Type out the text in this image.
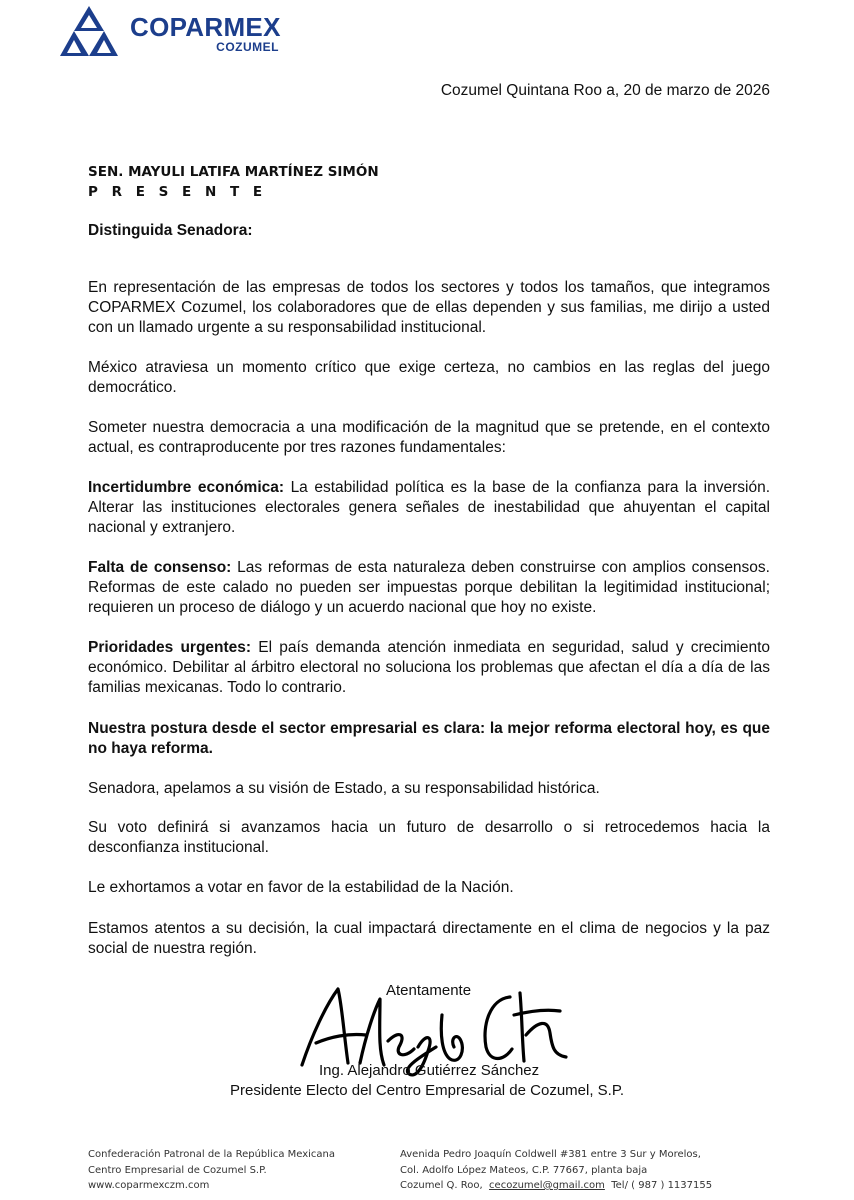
COPARMEX
COZUMEL
Cozumel Quintana Roo a, 20 de marzo de 2026
SEN. MAYULI LATIFA MARTÍNEZ SIMÓN
P R E S E N T E
Distinguida Senadora:

En representación de las empresas de todos los sectores y todos los tamaños, que integramos COPARMEX Cozumel, los colaboradores que de ellas dependen y sus familias, me dirijo a usted con un llamado urgente a su responsabilidad institucional.

México atraviesa un momento crítico que exige certeza, no cambios en las reglas del juego democrático.

Someter nuestra democracia a una modificación de la magnitud que se pretende, en el contexto actual, es contraproducente por tres razones fundamentales:

Incertidumbre económica: La estabilidad política es la base de la confianza para la inversión. Alterar las instituciones electorales genera señales de inestabilidad que ahuyentan el capital nacional y extranjero.

Falta de consenso: Las reformas de esta naturaleza deben construirse con amplios consensos. Reformas de este calado no pueden ser impuestas porque debilitan la legitimidad institucional; requieren un proceso de diálogo y un acuerdo nacional que hoy no existe.

Prioridades urgentes: El país demanda atención inmediata en seguridad, salud y crecimiento económico. Debilitar al árbitro electoral no soluciona los problemas que afectan el día a día de las familias mexicanas. Todo lo contrario.

Nuestra postura desde el sector empresarial es clara: la mejor reforma electoral hoy, es que no haya reforma.

Senadora, apelamos a su visión de Estado, a su responsabilidad histórica.

Su voto definirá si avanzamos hacia un futuro de desarrollo o si retrocedemos hacia la desconfianza institucional.

Le exhortamos a votar en favor de la estabilidad de la Nación.

Estamos atentos a su decisión, la cual impactará directamente en el clima de negocios y la paz social de nuestra región.

Atentamente
Ing. Alejandro Gutiérrez Sánchez
Presidente Electo del Centro Empresarial de Cozumel, S.P.
Confederación Patronal de la República Mexicana
Centro Empresarial de Cozumel S.P.
www.coparmexczm.com
Avenida Pedro Joaquín Coldwell #381 entre 3 Sur y Morelos,
Col. Adolfo López Mateos, C.P. 77667, planta baja
Cozumel Q. Roo, cecozumel@gmail.com Tel/ ( 987 ) 1137155
